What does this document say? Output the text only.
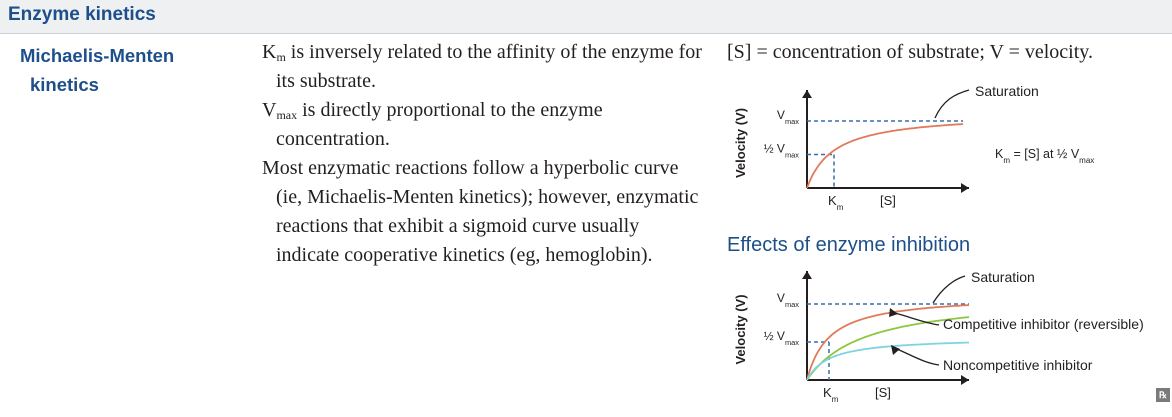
Enzyme kinetics
Michaelis-Menten
kinetics
$K_m$ is inversely related to the affinity of the enzyme for its substrate.
$V_{max}$ is directly proportional to the enzyme concentration.
Most enzymatic reactions follow a hyperbolic curve (ie, Michaelis-Menten kinetics); however, enzymatic reactions that exhibit a sigmoid curve usually indicate cooperative kinetics (eg, hemoglobin).
[S] = concentration of substrate; V = velocity.
$V_{max}$
½ $V_{max}$
$K_m$	[S]
Velocity (V)
Saturation
$K_m = [S]$ at ½ $V_{max}$
Effects of enzyme inhibition
$V_{max}$
½ $V_{max}$
$K_m$	[S]
Velocity (V)
Saturation
Competitive inhibitor (reversible)
Noncompetitive inhibitor
℞
